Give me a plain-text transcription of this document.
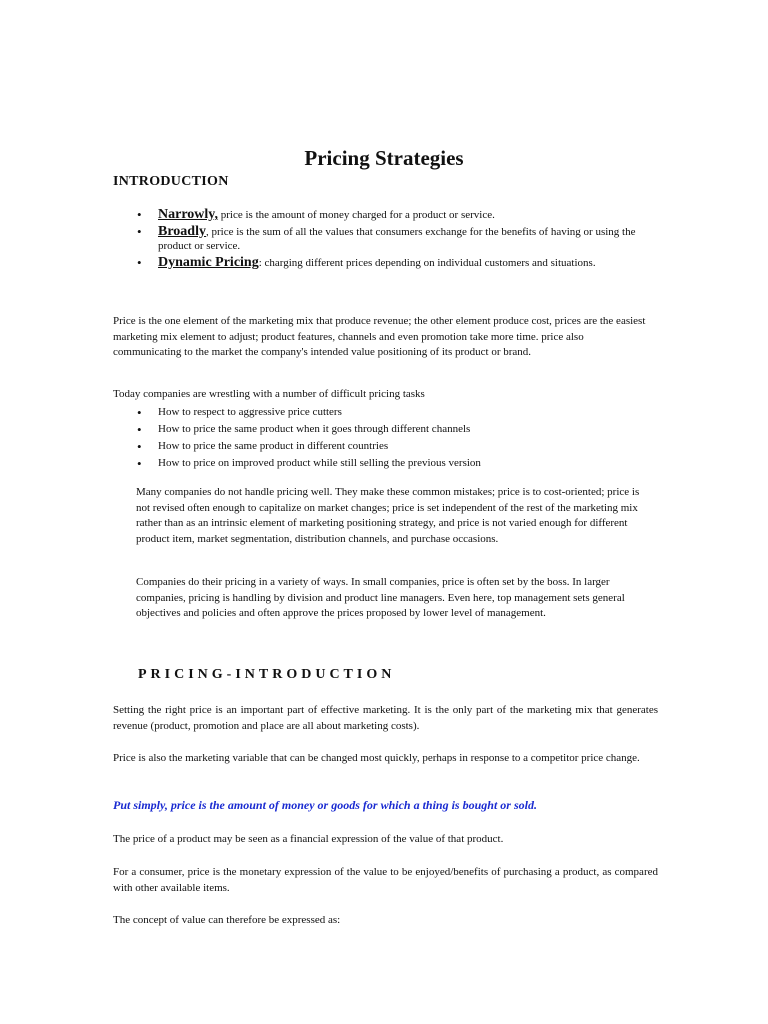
Pricing Strategies
INTRODUCTION
• Narrowly, price is the amount of money charged for a product or service.
• Broadly, price is the sum of all the values that consumers exchange for the benefits of having or using the product or service.
• Dynamic Pricing: charging different prices depending on individual customers and situations.

Price is the one element of the marketing mix that produce revenue; the other element produce cost, prices are the easiest marketing mix element to adjust; product features, channels and even promotion take more time. price also communicating to the market the company's intended value positioning of its product or brand.

Today companies are wrestling with a number of difficult pricing tasks

• How to respect to aggressive price cutters
• How to price the same product when it goes through different channels
• How to price the same product in different countries
• How to price on improved product while still selling the previous version

Many companies do not handle pricing well. They make these common mistakes; price is to cost-oriented; price is not revised often enough to capitalize on market changes; price is set independent of the rest of the marketing mix rather than as an intrinsic element of marketing positioning strategy, and price is not varied enough for different product item, market segmentation, distribution channels, and purchase occasions.

Companies do their pricing in a variety of ways. In small companies, price is often set by the boss. In larger companies, pricing is handling by division and product line managers. Even here, top management sets general objectives and policies and often approve the prices proposed by lower level of management.

PRICING-INTRODUCTION

Setting the right price is an important part of effective marketing. It is the only part of the marketing mix that generates revenue (product, promotion and place are all about marketing costs).

Price is also the marketing variable that can be changed most quickly, perhaps in response to a competitor price change.

Put simply, price is the amount of money or goods for which a thing is bought or sold.

The price of a product may be seen as a financial expression of the value of that product.

For a consumer, price is the monetary expression of the value to be enjoyed/benefits of purchasing a product, as compared with other available items.

The concept of value can therefore be expressed as:
